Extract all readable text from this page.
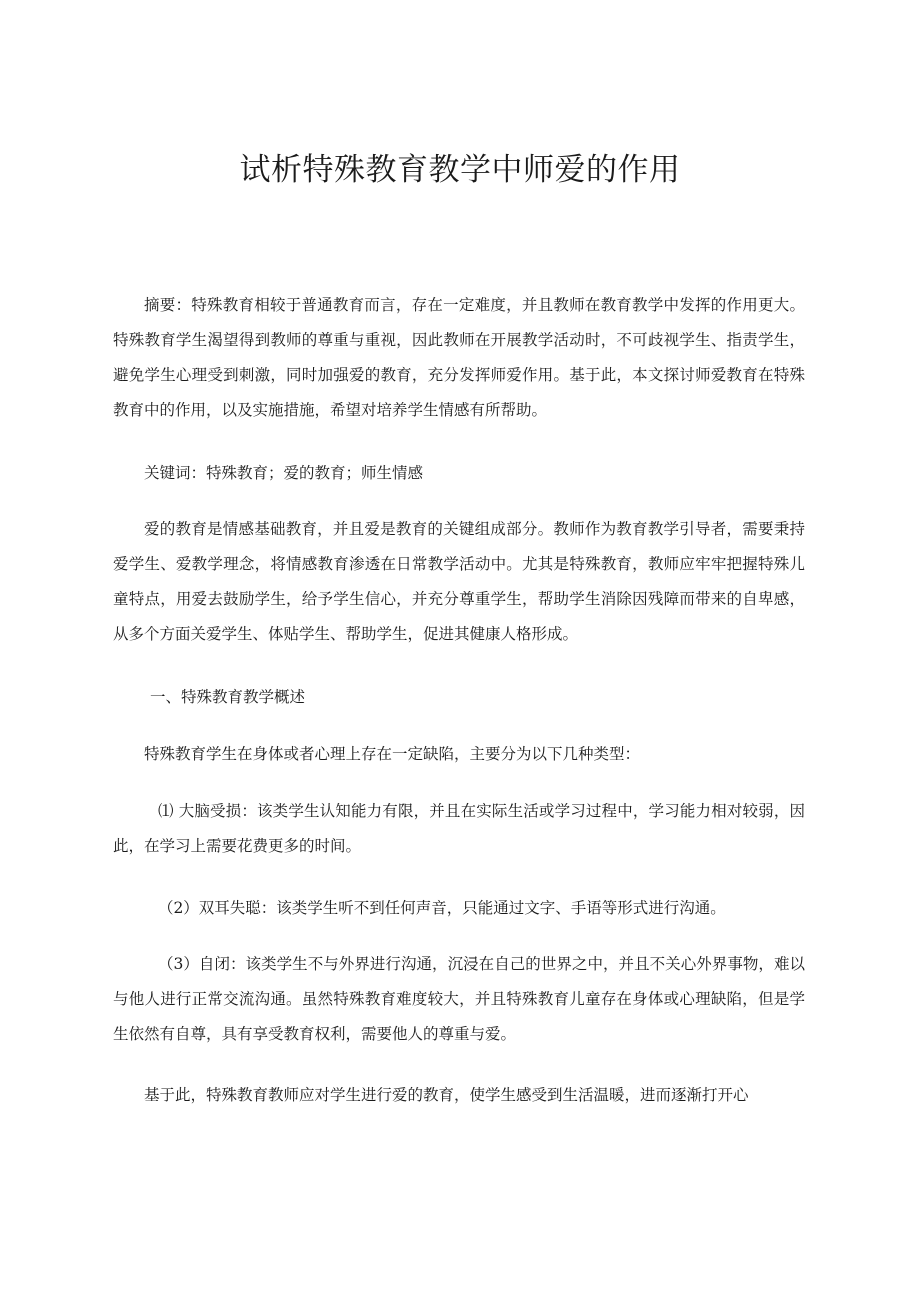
试析特殊教育教学中师爱的作用

摘要：特殊教育相较于普通教育而言，存在一定难度，并且教师在教育教学中发挥的作用更大。特殊教育学生渴望得到教师的尊重与重视，因此教师在开展教学活动时，不可歧视学生、指责学生，避免学生心理受到刺激，同时加强爱的教育，充分发挥师爱作用。基于此，本文探讨师爱教育在特殊教育中的作用，以及实施措施，希望对培养学生情感有所帮助。

关键词：特殊教育；爱的教育；师生情感

爱的教育是情感基础教育，并且爱是教育的关键组成部分。教师作为教育教学引导者，需要秉持爱学生、爱教学理念，将情感教育渗透在日常教学活动中。尤其是特殊教育，教师应牢牢把握特殊儿童特点，用爱去鼓励学生，给予学生信心，并充分尊重学生，帮助学生消除因残障而带来的自卑感，从多个方面关爱学生、体贴学生、帮助学生，促进其健康人格形成。

一、特殊教育教学概述

特殊教育学生在身体或者心理上存在一定缺陷，主要分为以下几种类型：

⑴ 大脑受损：该类学生认知能力有限，并且在实际生活或学习过程中，学习能力相对较弱，因此，在学习上需要花费更多的时间。

（2）双耳失聪：该类学生听不到任何声音，只能通过文字、手语等形式进行沟通。

（3）自闭：该类学生不与外界进行沟通，沉浸在自己的世界之中，并且不关心外界事物，难以与他人进行正常交流沟通。虽然特殊教育难度较大，并且特殊教育儿童存在身体或心理缺陷，但是学生依然有自尊，具有享受教育权利，需要他人的尊重与爱。

基于此，特殊教育教师应对学生进行爱的教育，使学生感受到生活温暖，进而逐渐打开心
